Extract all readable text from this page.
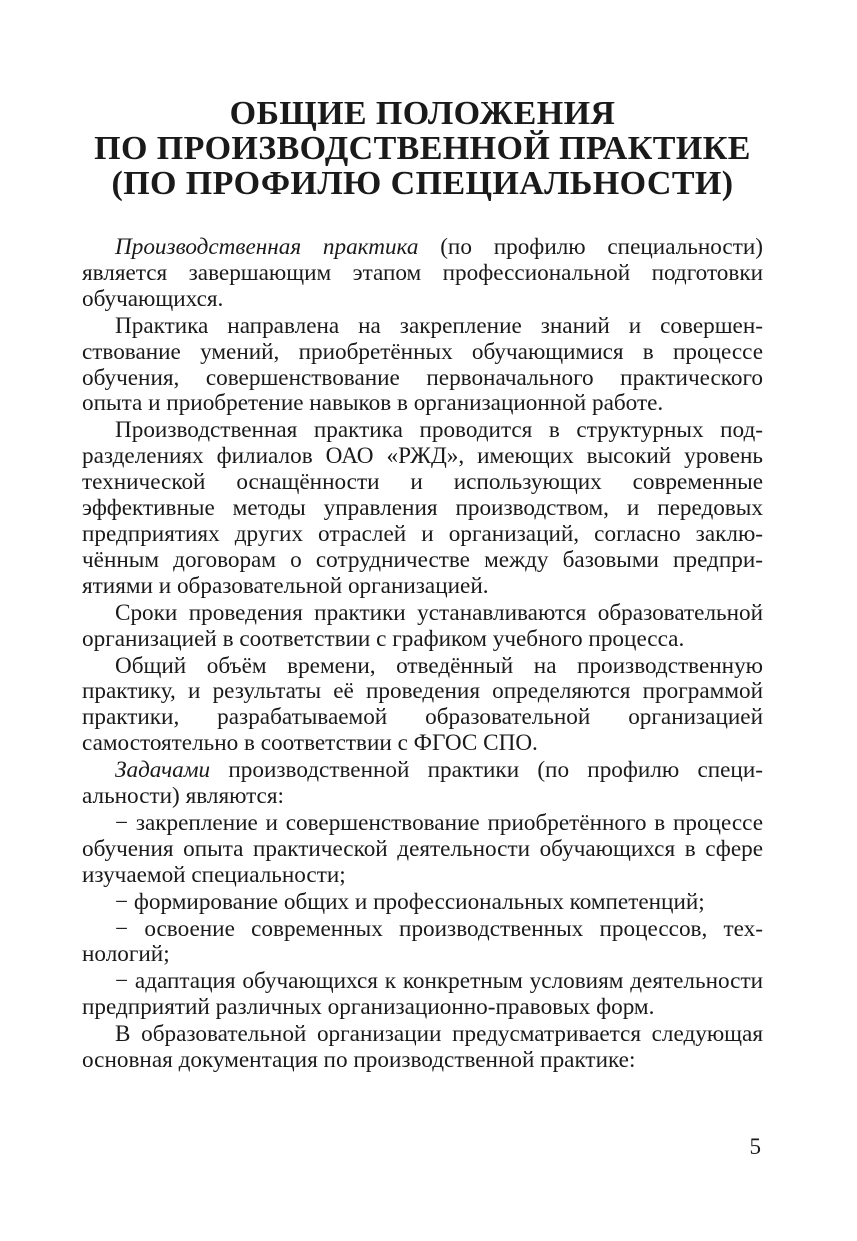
ОБЩИЕ ПОЛОЖЕНИЯ
ПО ПРОИЗВОДСТВЕННОЙ ПРАКТИКЕ
(ПО ПРОФИЛЮ СПЕЦИАЛЬНОСТИ)

Производственная практика (по профилю специальности) является завершающим этапом профессиональной подготовки обучающихся.

Практика направлена на закрепление знаний и совершенствование умений, приобретённых обучающимися в процессе обучения, совершенствование первоначального практического опыта и приобретение навыков в организационной работе.

Производственная практика проводится в структурных подразделениях филиалов ОАО «РЖД», имеющих высокий уровень технической оснащённости и использующих современные эффективные методы управления производством, и передовых предприятиях других отраслей и организаций, согласно заключённым договорам о сотрудничестве между базовыми предприятиями и образовательной организацией.

Сроки проведения практики устанавливаются образовательной организацией в соответствии с графиком учебного процесса.

Общий объём времени, отведённый на производственную практику, и результаты её проведения определяются программой практики, разрабатываемой образовательной организацией самостоятельно в соответствии с ФГОС СПО.

Задачами производственной практики (по профилю специальности) являются:

− закрепление и совершенствование приобретённого в процессе обучения опыта практической деятельности обучающихся в сфере изучаемой специальности;

− формирование общих и профессиональных компетенций;

− освоение современных производственных процессов, технологий;

− адаптация обучающихся к конкретным условиям деятельности предприятий различных организационно-правовых форм.

В образовательной организации предусматривается следующая основная документация по производственной практике:

5
